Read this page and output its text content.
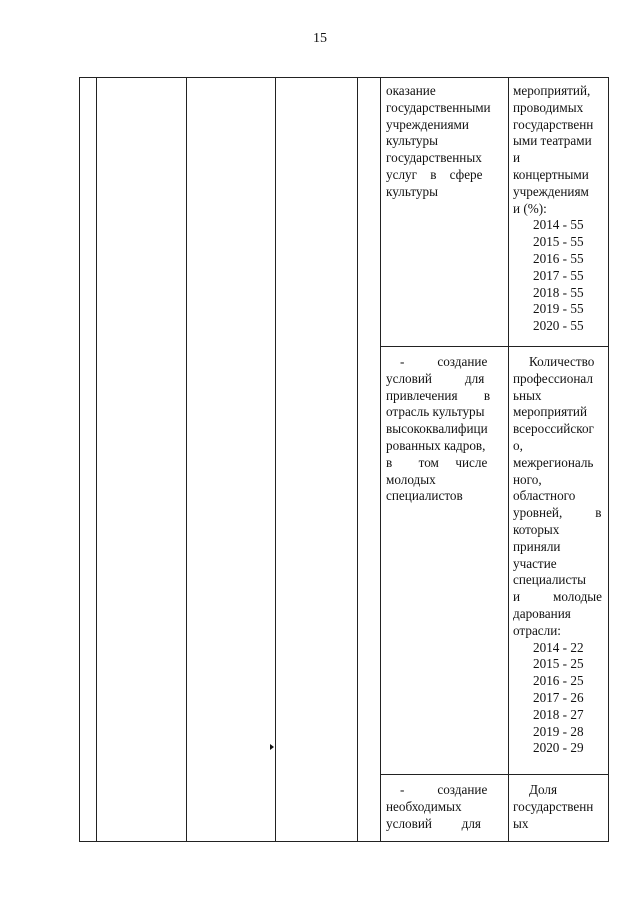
15
оказание
государственными
учреждениями
культуры
государственных
услуг    в    сфере
культуры
мероприятий,
проводимых
государственн
ыми театрами
и
концертными
учреждениям
и (%):
2014 - 55
2015 - 55
2016 - 55
2017 - 55
2018 - 55
2019 - 55
2020 - 55
-          создание
условий          для
привлечения        в
отрасль культуры
высококвалифици
рованных кадров,
в        том     числе
молодых
специалистов
Количество
профессионал
ьных
мероприятий
всероссийског
о,
межрегиональ
ного,
областного
уровней,          в
которых
приняли
участие
специалисты
и          молодые
дарования
отрасли:
2014 - 22
2015 - 25
2016 - 25
2017 - 26
2018 - 27
2019 - 28
2020 - 29
-          создание
необходимых
условий         для
Доля
государственн
ых
